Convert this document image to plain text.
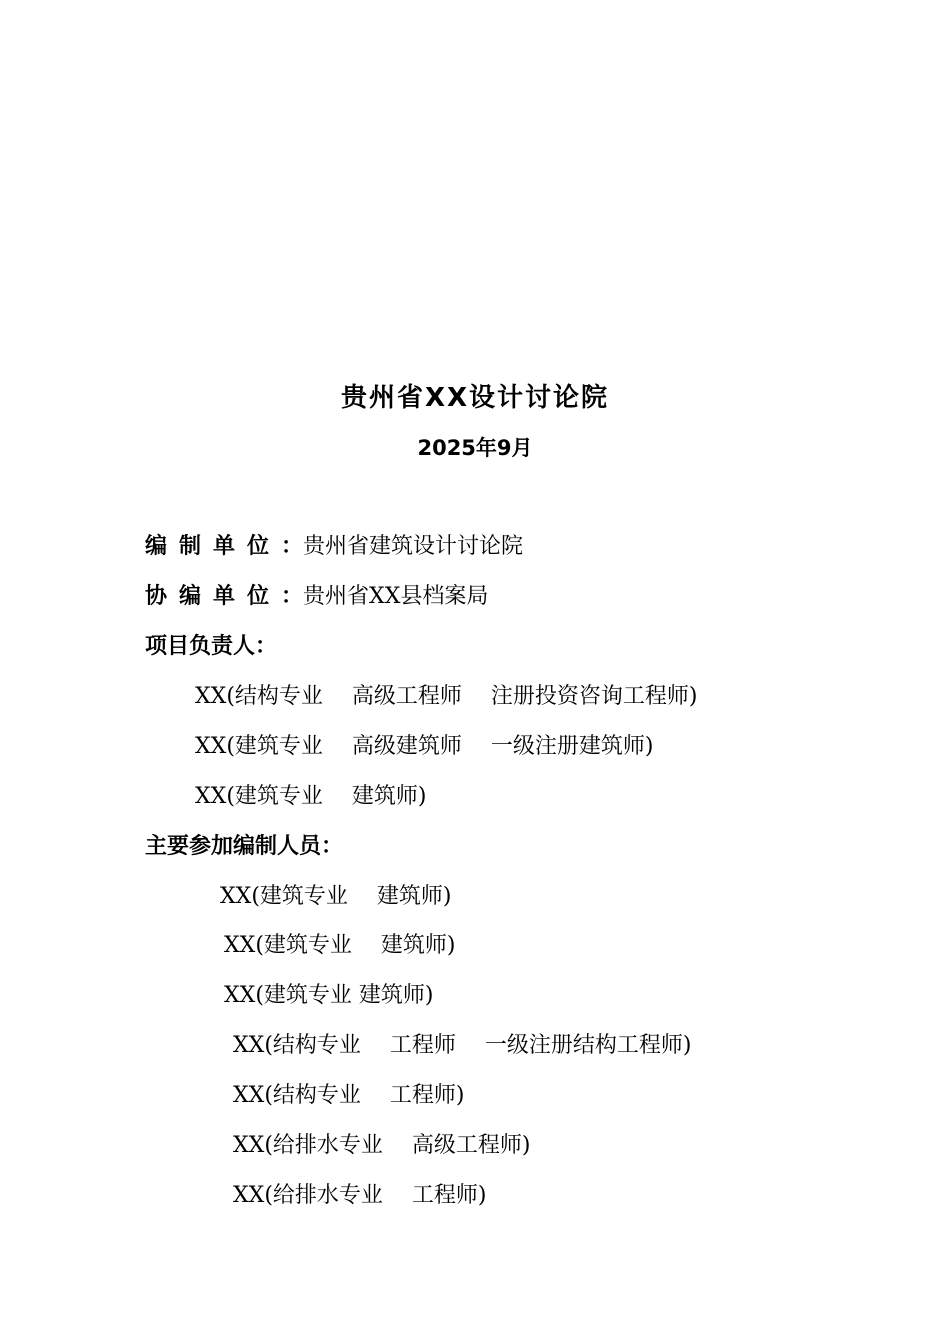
贵州省XX设计讨论院
2025年9月
编制单位：贵州省建筑设计讨论院
协编单位：贵州省XX县档案局
项目负责人：
XX(结构专业　 高级工程师　 注册投资咨询工程师)
XX(建筑专业　 高级建筑师　 一级注册建筑师)
XX(建筑专业　 建筑师)
主要参加编制人员：
XX(建筑专业　 建筑师)
XX(建筑专业　 建筑师)
XX(建筑专业 建筑师)
XX(结构专业　 工程师　 一级注册结构工程师)
XX(结构专业　 工程师)
XX(给排水专业　 高级工程师)
XX(给排水专业　 工程师)
